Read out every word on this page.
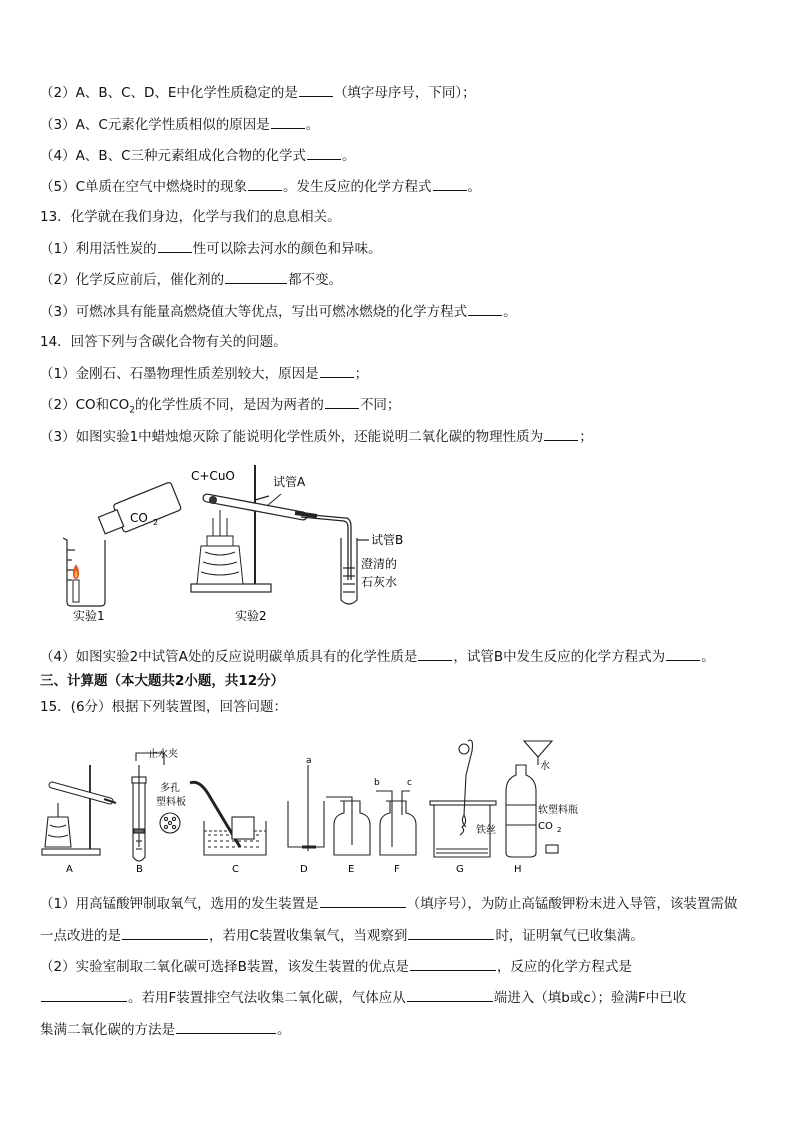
（2）A、B、C、D、E中化学性质稳定的是	（填字母序号，下同）；
（3）A、C元素化学性质相似的原因是	。
（4）A、B、C三种元素组成化合物的化学式	。
（5）C单质在空气中燃烧时的现象	。发生反应的化学方程式	。
13．化学就在我们身边，化学与我们的息息相关。
（1）利用活性炭的	性可以除去河水的颜色和异味。
（2）化学反应前后，催化剂的	都不变。
（3）可燃冰具有能量高燃烧值大等优点，写出可燃冰燃烧的化学方程式	。
14．回答下列与含碳化合物有关的问题。
（1）金刚石、石墨物理性质差别较大，原因是	；
（2）CO和$CO_2$的化学性质不同，是因为两者的	不同；
（3）如图实验1中蜡烛熄灭除了能说明化学性质外，还能说明二氧化碳的物理性质为	；
CO 2
实验1
C+CuO	试管A
试管B
澄清的
石灰水
实验2
（4）如图实验2中试管A处的反应说明碳单质具有的化学性质是	，试管B中发生反应的化学方程式为	。
三、计算题（本大题共2小题，共12分）
15．(6分）根据下列装置图，回答问题：
A
止水夹
多孔
塑料板
B	C
a
D	E
b	c
F
铁丝
G
水
软塑料瓶
CO 2
H
（1）用高锰酸钾制取氧气，选用的发生装置是	（填序号），为防止高锰酸钾粉末进入导管，该装置需做
一点改进的是	，若用C装置收集氧气，当观察到	时，证明氧气已收集满。
（2）实验室制取二氧化碳可选择B装置，该发生装置的优点是	，反应的化学方程式是
。若用F装置排空气法收集二氧化碳，气体应从	端进入（填b或c）；验满F中已收
集满二氧化碳的方法是	。
